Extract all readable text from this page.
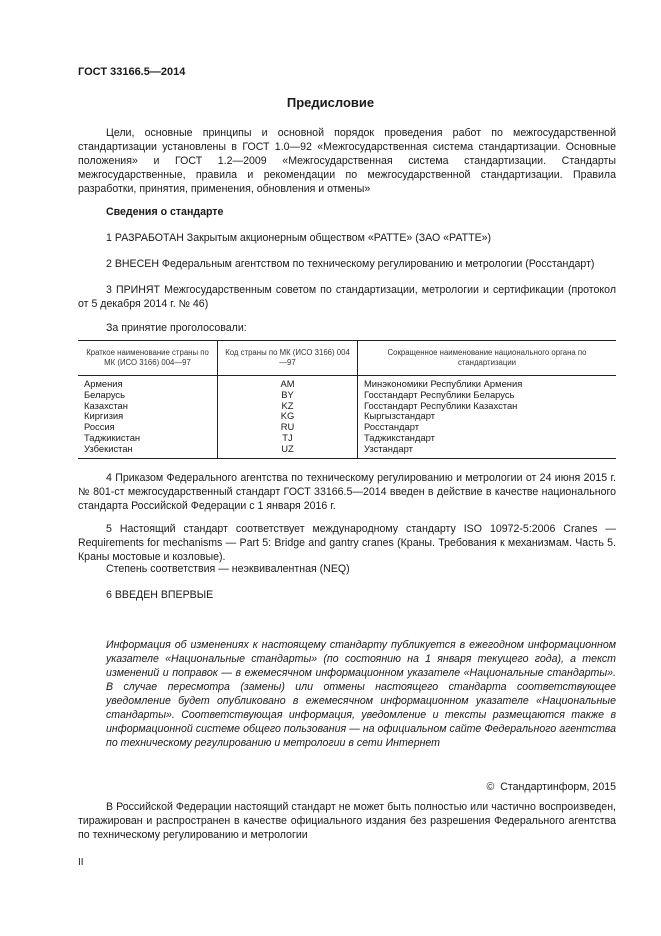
ГОСТ 33166.5—2014
Предисловие

Цели, основные принципы и основной порядок проведения работ по межгосударственной стандартизации установлены в ГОСТ 1.0—92 «Межгосударственная система стандартизации. Основные положения» и ГОСТ 1.2—2009 «Межгосударственная система стандартизации. Стандарты межгосударственные, правила и рекомендации по межгосударственной стандартизации. Правила разработки, принятия, применения, обновления и отмены»

Сведения о стандарте

1 РАЗРАБОТАН Закрытым акционерным обществом «РАТТЕ» (ЗАО «РАТТЕ»)

2 ВНЕСЕН Федеральным агентством по техническому регулированию и метрологии (Росстандарт)

3 ПРИНЯТ Межгосударственным советом по стандартизации, метрологии и сертификации (протокол от 5 декабря 2014 г. № 46)

За принятие проголосовали:

Краткое наименование страны по МК (ИСО 3166) 004—97	Код страны по МК (ИСО 3166) 004—97	Сокращенное наименование национального органа по стандартизации
Армения	AM	Минэкономики Республики Армения
Беларусь	BY	Госстандарт Республики Беларусь
Казахстан	KZ	Госстандарт Республики Казахстан
Киргизия	KG	Кыргызстандарт
Россия	RU	Росстандарт
Таджикистан	TJ	Таджикстандарт
Узбекистан	UZ	Узстандарт

4 Приказом Федерального агентства по техническому регулированию и метрологии от 24 июня 2015 г. № 801-ст межгосударственный стандарт ГОСТ 33166.5—2014 введен в действие в качестве национального стандарта Российской Федерации с 1 января 2016 г.

5 Настоящий стандарт соответствует международному стандарту ISO 10972-5:2006 Cranes — Requirements for mechanisms — Part 5: Bridge and gantry cranes (Краны. Требования к механизмам. Часть 5. Краны мостовые и козловые).

Степень соответствия — неэквивалентная (NEQ)

6 ВВЕДЕН ВПЕРВЫЕ

Информация об изменениях к настоящему стандарту публикуется в ежегодном информационном указателе «Национальные стандарты» (по состоянию на 1 января текущего года), а текст изменений и поправок — в ежемесячном информационном указателе «Национальные стандарты». В случае пересмотра (замены) или отмены настоящего стандарта соответствующее уведомление будет опубликовано в ежемесячном информационном указателе «Национальные стандарты». Соответствующая информация, уведомление и тексты размещаются также в информационной системе общего пользования — на официальном сайте Федерального агентства по техническому регулированию и метрологии в сети Интернет

© Стандартинформ, 2015

В Российской Федерации настоящий стандарт не может быть полностью или частично воспроизведен, тиражирован и распространен в качестве официального издания без разрешения Федерального агентства по техническому регулированию и метрологии

II
